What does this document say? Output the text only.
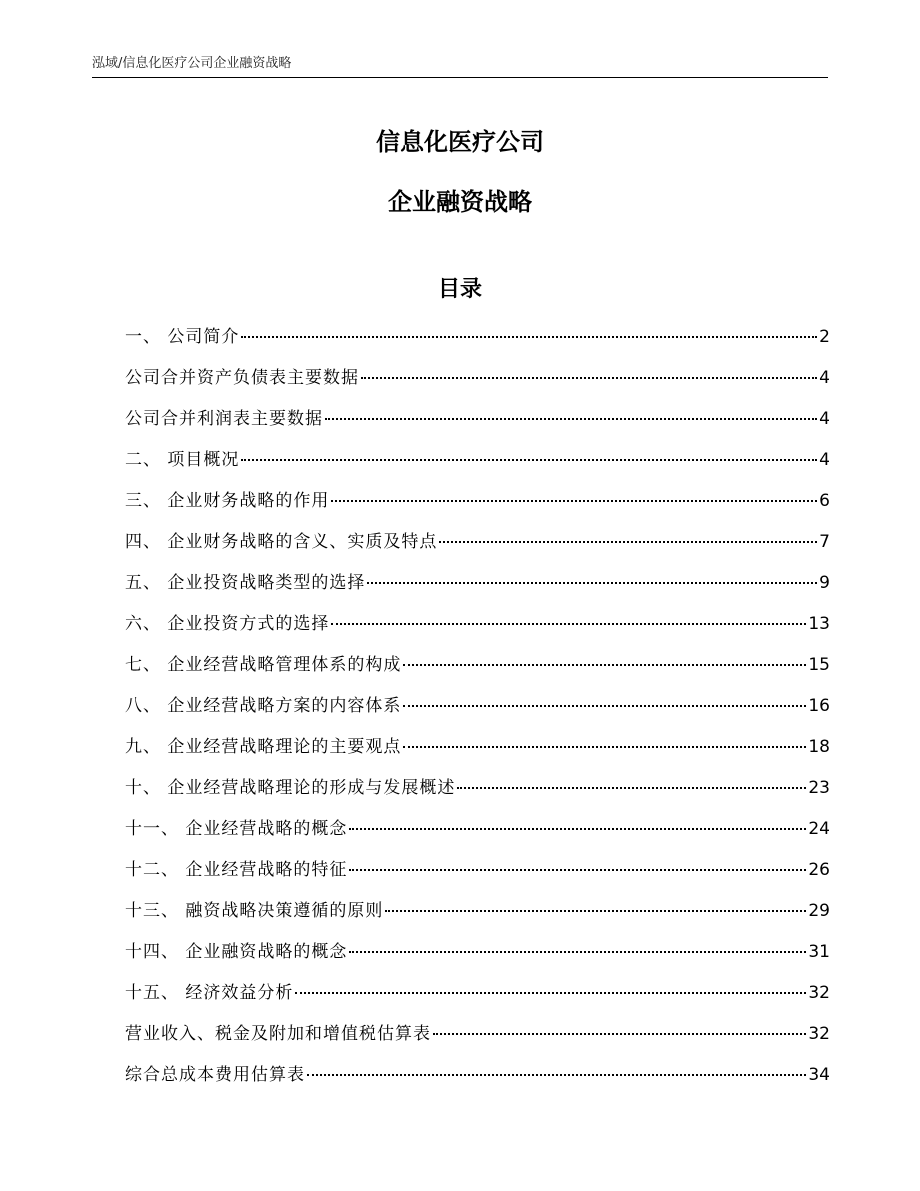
泓域/信息化医疗公司企业融资战略
信息化医疗公司
企业融资战略
目录
一、 公司简介	2
公司合并资产负债表主要数据	4
公司合并利润表主要数据	4
二、 项目概况	4
三、 企业财务战略的作用	6
四、 企业财务战略的含义、实质及特点	7
五、 企业投资战略类型的选择	9
六、 企业投资方式的选择	13
七、 企业经营战略管理体系的构成	15
八、 企业经营战略方案的内容体系	16
九、 企业经营战略理论的主要观点	18
十、 企业经营战略理论的形成与发展概述	23
十一、 企业经营战略的概念	24
十二、 企业经营战略的特征	26
十三、 融资战略决策遵循的原则	29
十四、 企业融资战略的概念	31
十五、 经济效益分析	32
营业收入、税金及附加和增值税估算表	32
综合总成本费用估算表	34
